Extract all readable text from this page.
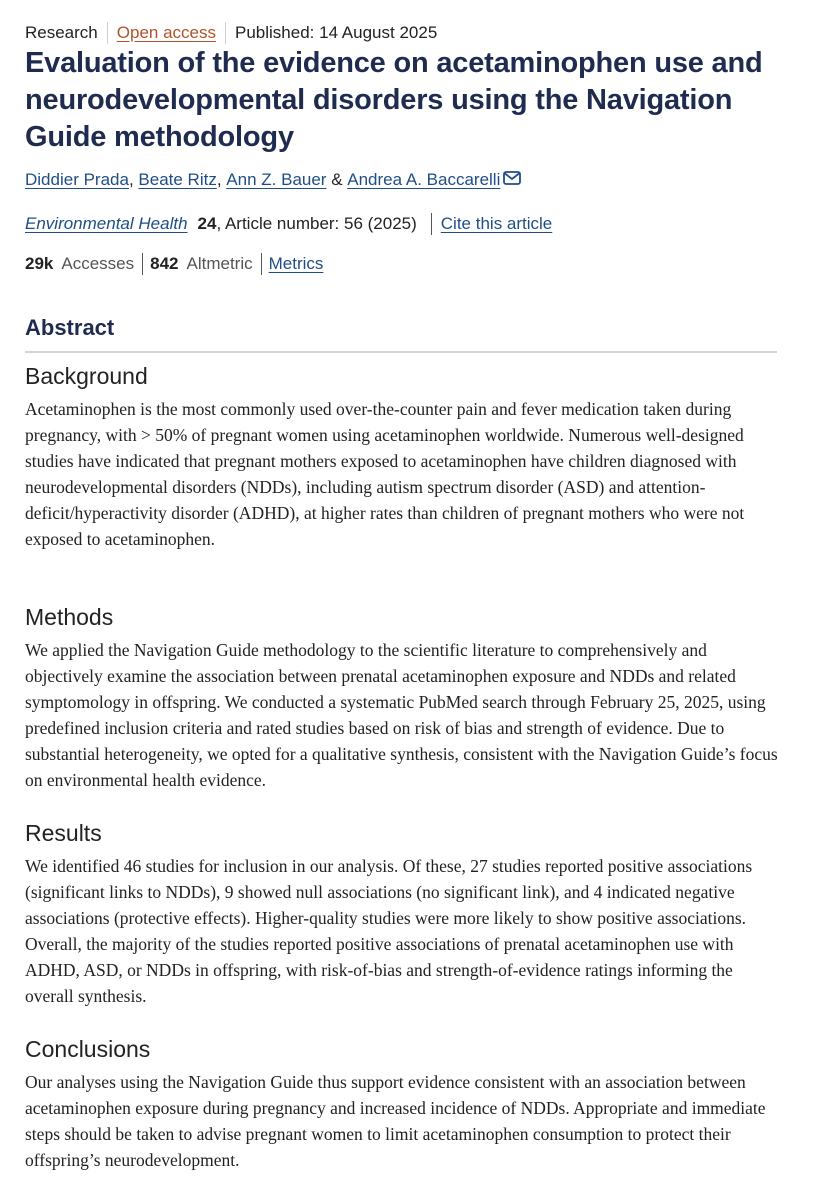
Research Open access Published: 14 August 2025
Evaluation of the evidence on acetaminophen use and neurodevelopmental disorders using the Navigation Guide methodology
Diddier Prada , Beate Ritz , Ann Z. Bauer & Andrea A. Baccarelli
Environmental Health 24 , Article number: 56 (2025) Cite this article
29k Accesses 842 Altmetric Metrics
Abstract
Background

Acetaminophen is the most commonly used over-the-counter pain and fever medication taken during pregnancy, with > 50% of pregnant women using acetaminophen worldwide. Numerous well-designed studies have indicated that pregnant mothers exposed to acetaminophen have children diagnosed with neurodevelopmental disorders (NDDs), including autism spectrum disorder (ASD) and attention-deficit/hyperactivity disorder (ADHD), at higher rates than children of pregnant mothers who were not exposed to acetaminophen.

Methods

We applied the Navigation Guide methodology to the scientific literature to comprehensively and objectively examine the association between prenatal acetaminophen exposure and NDDs and related symptomology in offspring. We conducted a systematic PubMed search through February 25, 2025, using predefined inclusion criteria and rated studies based on risk of bias and strength of evidence. Due to substantial heterogeneity, we opted for a qualitative synthesis, consistent with the Navigation Guide’s focus on environmental health evidence.

Results

We identified 46 studies for inclusion in our analysis. Of these, 27 studies reported positive associations (significant links to NDDs), 9 showed null associations (no significant link), and 4 indicated negative associations (protective effects). Higher-quality studies were more likely to show positive associations. Overall, the majority of the studies reported positive associations of prenatal acetaminophen use with ADHD, ASD, or NDDs in offspring, with risk-of-bias and strength-of-evidence ratings informing the overall synthesis.

Conclusions

Our analyses using the Navigation Guide thus support evidence consistent with an association between acetaminophen exposure during pregnancy and increased incidence of NDDs. Appropriate and immediate steps should be taken to advise pregnant women to limit acetaminophen consumption to protect their offspring’s neurodevelopment.
